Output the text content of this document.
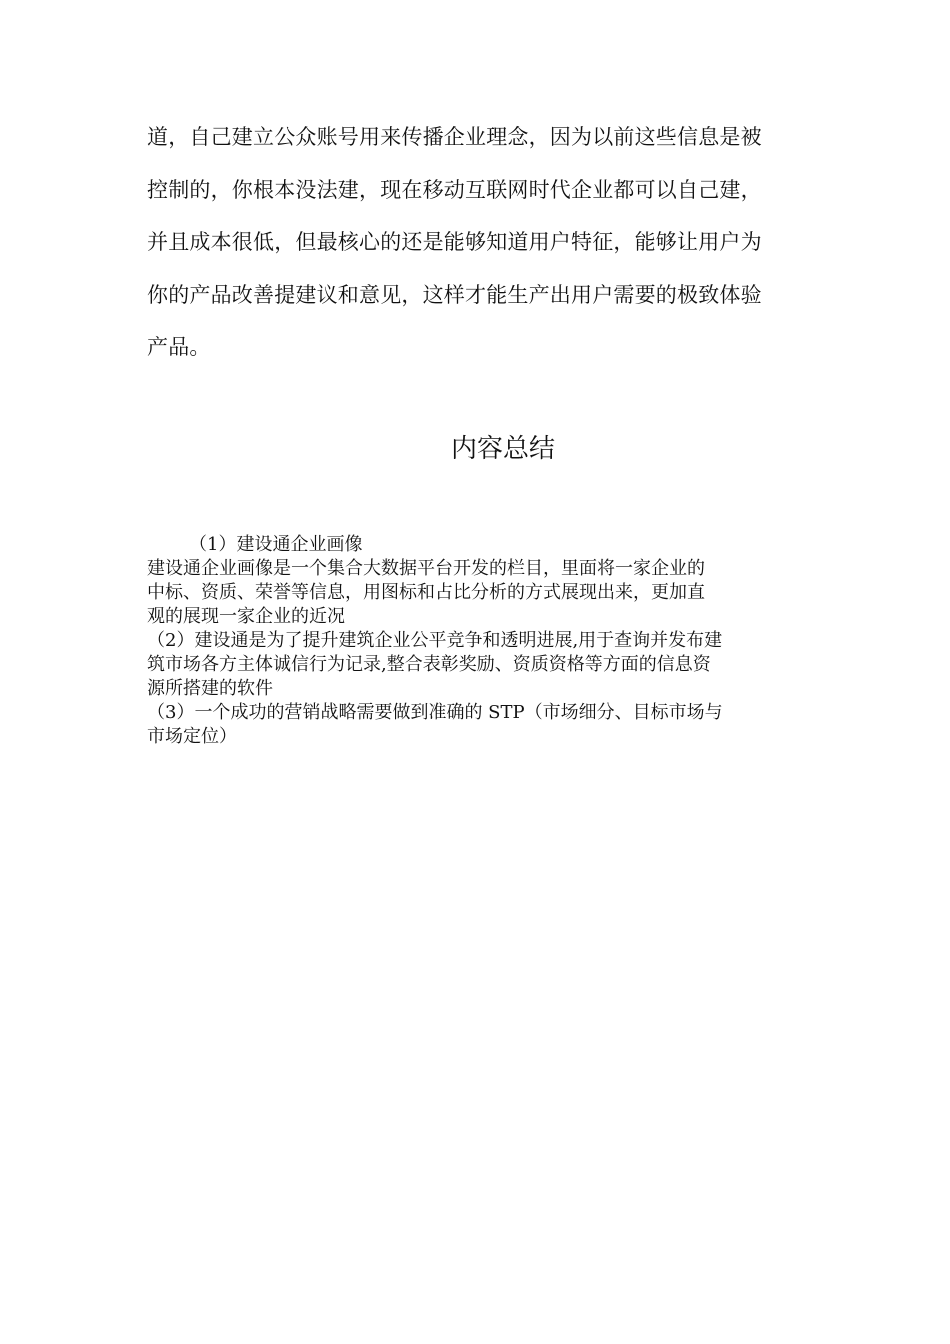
道，自己建立公众账号用来传播企业理念，因为以前这些信息是被

控制的，你根本没法建，现在移动互联网时代企业都可以自己建，

并且成本很低，但最核心的还是能够知道用户特征，能够让用户为

你的产品改善提建议和意见，这样才能生产出用户需要的极致体验

产品。

内容总结

（1）建设通企业画像

建设通企业画像是一个集合大数据平台开发的栏目，里面将一家企业的

中标、资质、荣誉等信息，用图标和占比分析的方式展现出来，更加直

观的展现一家企业的近况

（2）建设通是为了提升建筑企业公平竞争和透明进展,用于查询并发布建

筑市场各方主体诚信行为记录,整合表彰奖励、资质资格等方面的信息资

源所搭建的软件

（3）一个成功的营销战略需要做到准确的 STP（市场细分、目标市场与

市场定位）
